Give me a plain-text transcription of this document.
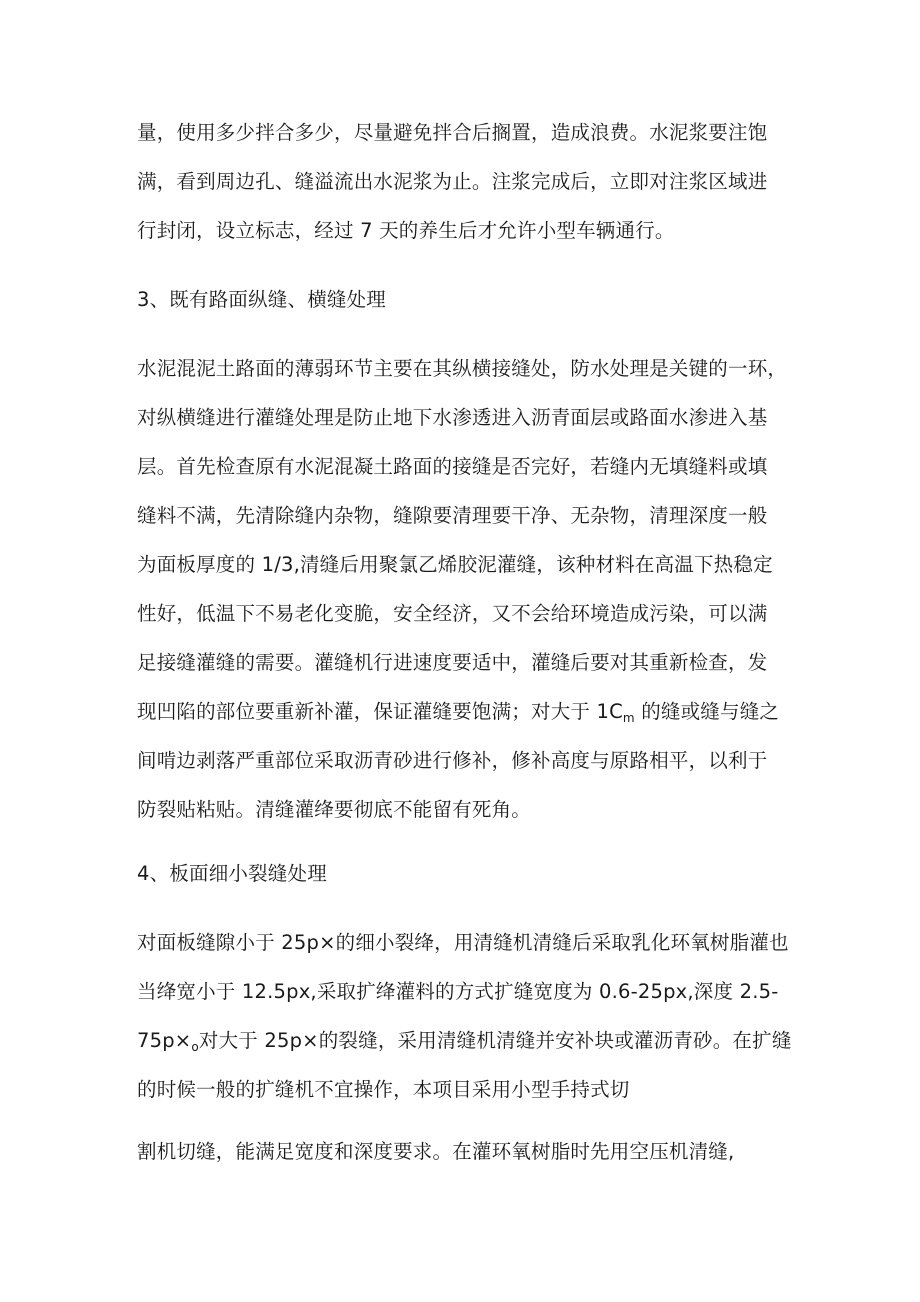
量，使用多少拌合多少，尽量避免拌合后搁置，造成浪费。水泥浆要注饱
满，看到周边孔、缝溢流出水泥浆为止。注浆完成后，立即对注浆区域进
行封闭，设立标志，经过 7 天的养生后才允许小型车辆通行。
3、既有路面纵缝、横缝处理
水泥混泥土路面的薄弱环节主要在其纵横接缝处，防水处理是关键的一环，
对纵横缝进行灌缝处理是防止地下水渗透进入沥青面层或路面水渗进入基
层。首先检查原有水泥混凝土路面的接缝是否完好，若缝内无填缝料或填
缝料不满，先清除缝内杂物，缝隙要清理要干净、无杂物，清理深度一般
为面板厚度的 1/3,清缝后用聚氯乙烯胶泥灌缝，该种材料在高温下热稳定
性好，低温下不易老化变脆，安全经济，又不会给环境造成污染，可以满
足接缝灌缝的需要。灌缝机行进速度要适中，灌缝后要对其重新检查，发
现凹陷的部位要重新补灌，保证灌缝要饱满；对大于 $1C_m$ 的缝或缝与缝之
间啃边剥落严重部位采取沥青砂进行修补，修补高度与原路相平，以利于
防裂贴粘贴。清缝灌绛要彻底不能留有死角。
4、板面细小裂缝处理
对面板缝隙小于 25p×的细小裂绛，用清缝机清缝后采取乳化环氧树脂灌也
当绛宽小于 12.5px,采取扩绛灌料的方式扩缝宽度为 0.6-25px,深度 2.5-
$75p\times_o$对大于 25p×的裂缝，采用清缝机清缝并安补块或灌沥青砂。在扩缝
的时候一般的扩缝机不宜操作，本项目采用小型手持式切
割机切缝，能满足宽度和深度要求。在灌环氧树脂时先用空压机清缝,
